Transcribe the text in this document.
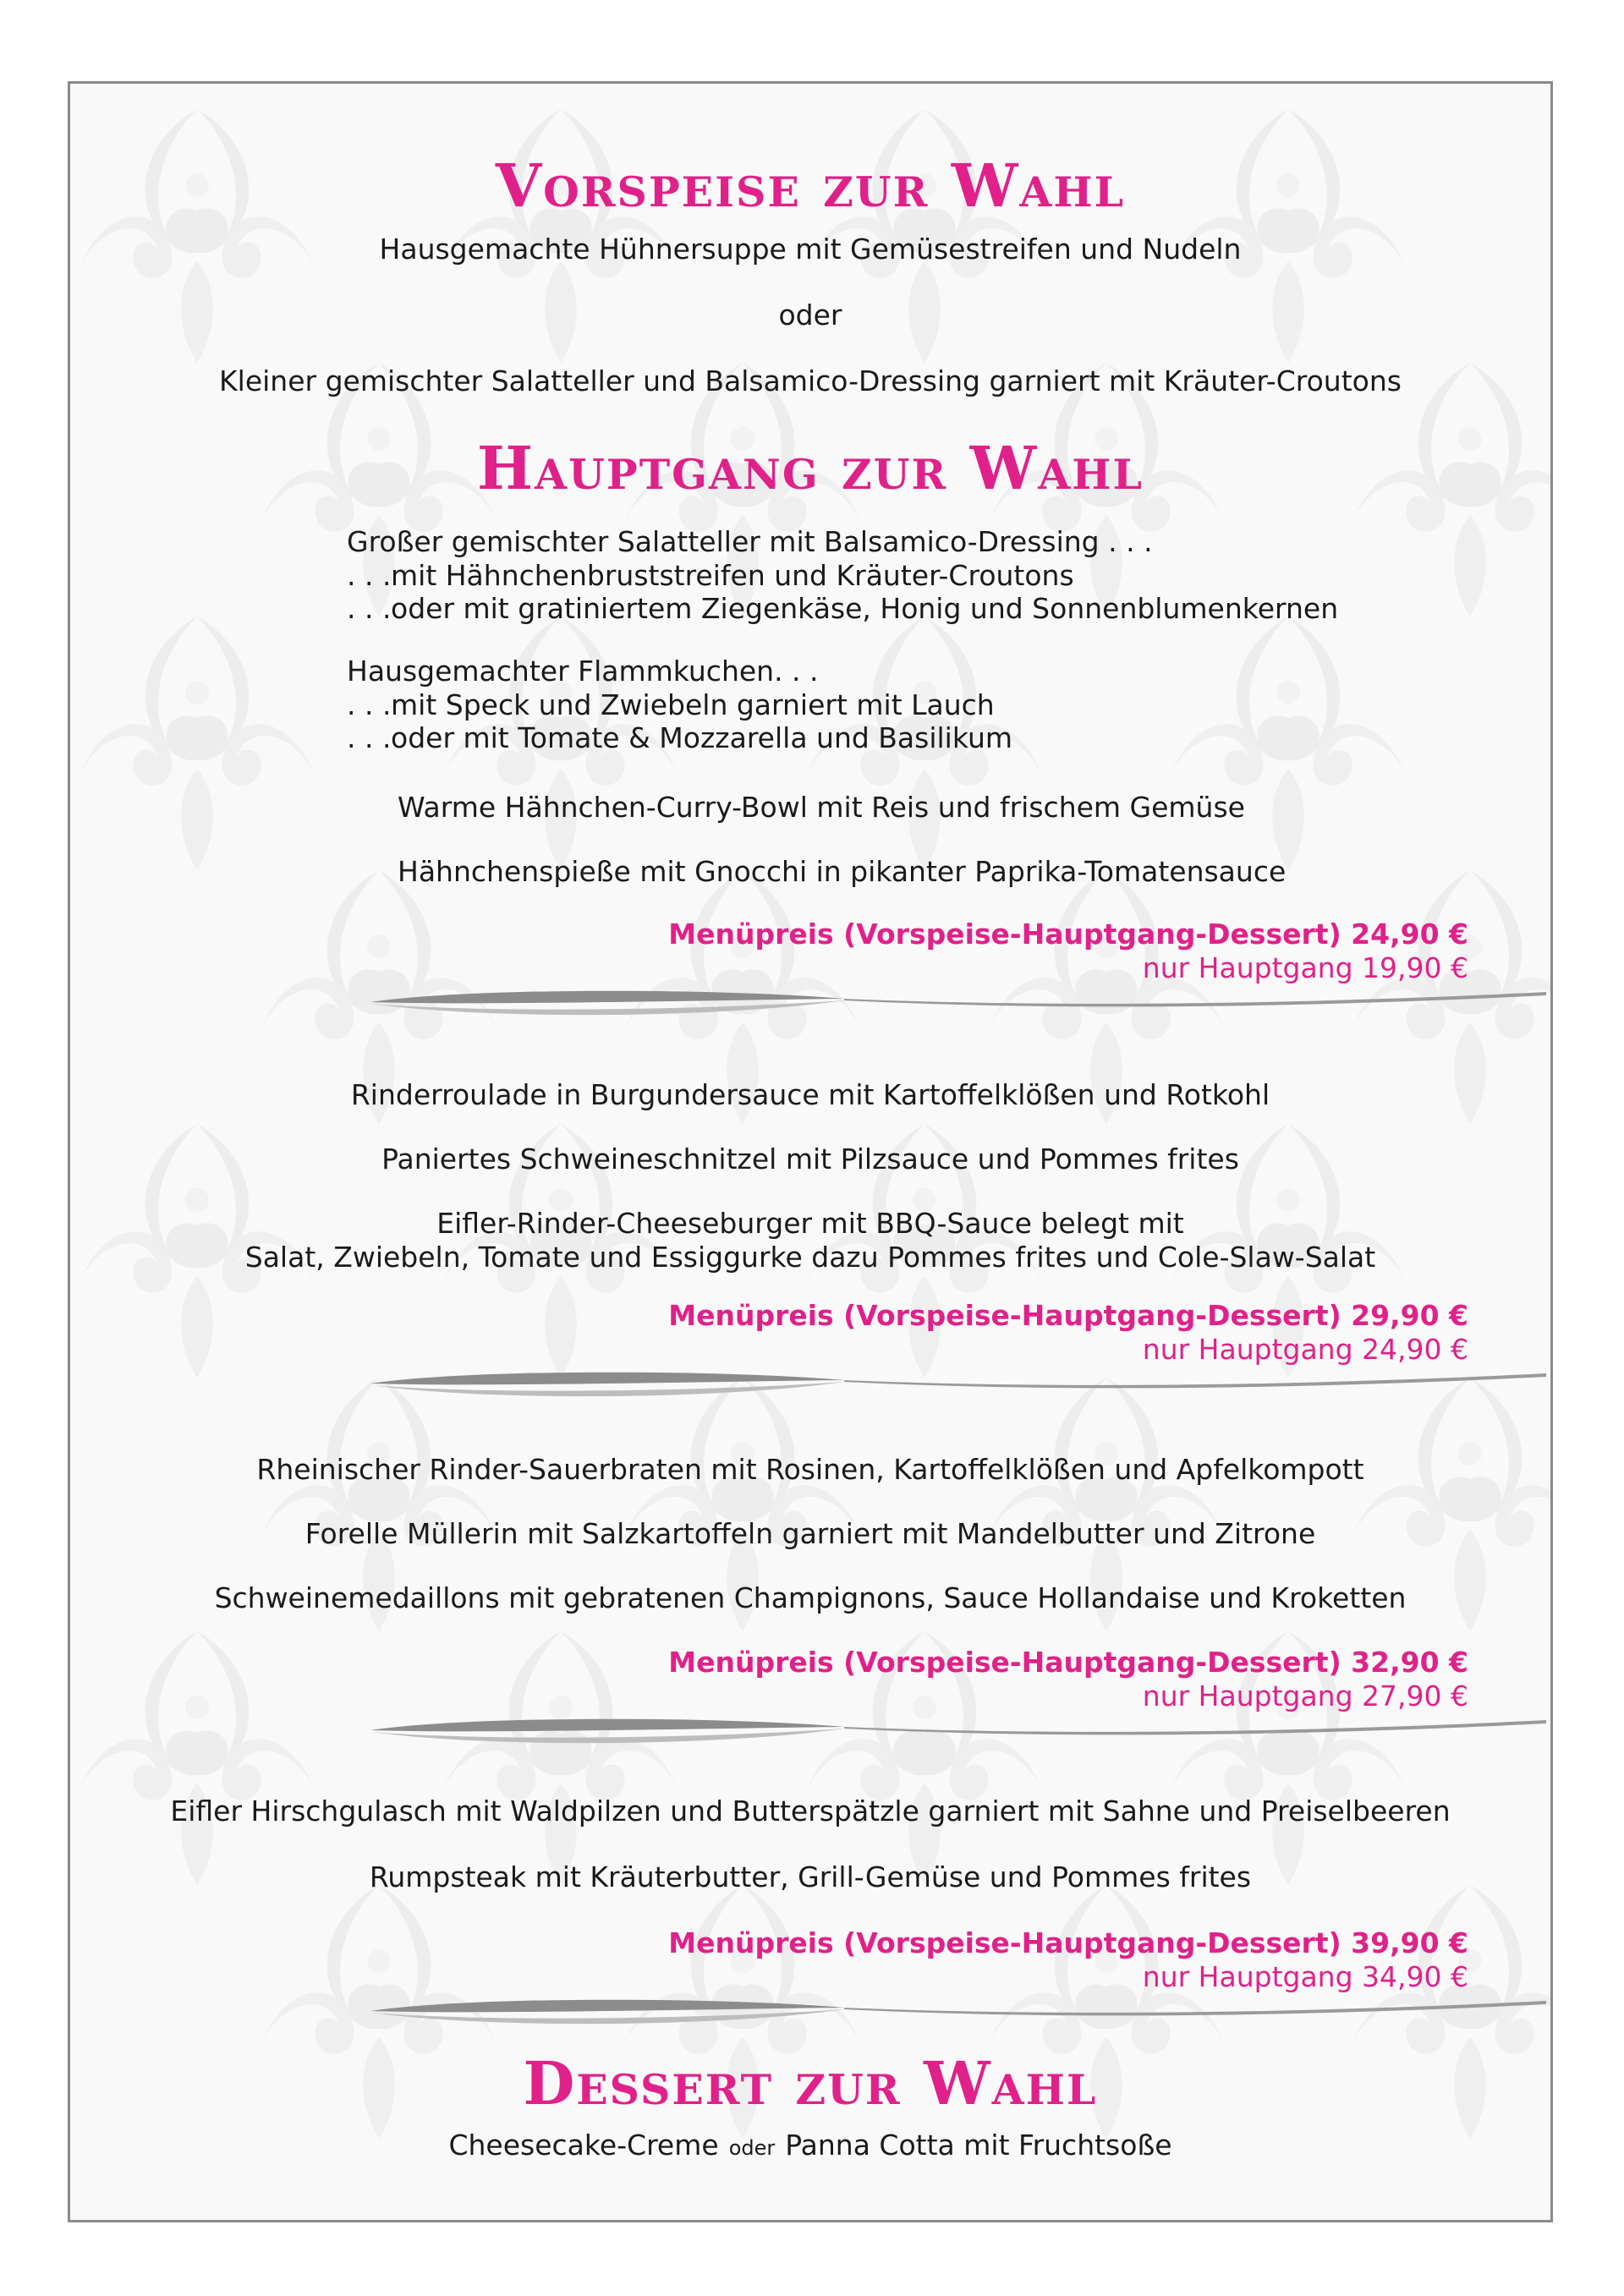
Vorspeise zur Wahl
Hausgemachte Hühnersuppe mit Gemüsestreifen und Nudeln
oder
Kleiner gemischter Salatteller und Balsamico-Dressing garniert mit Kräuter-Croutons
Hauptgang zur Wahl
Großer gemischter Salatteller mit Balsamico-Dressing . . .
. . .mit Hähnchenbruststreifen und Kräuter-Croutons
. . .oder mit gratiniertem Ziegenkäse, Honig und Sonnenblumenkernen
Hausgemachter Flammkuchen. . .
. . .mit Speck und Zwiebeln garniert mit Lauch
. . .oder mit Tomate & Mozzarella und Basilikum
Warme Hähnchen-Curry-Bowl mit Reis und frischem Gemüse
Hähnchenspieße mit Gnocchi in pikanter Paprika-Tomatensauce
Menüpreis (Vorspeise-Hauptgang-Dessert) 24,90 €
nur Hauptgang 19,90 €
Rinderroulade in Burgundersauce mit Kartoffelklößen und Rotkohl
Paniertes Schweineschnitzel mit Pilzsauce und Pommes frites
Eifler-Rinder-Cheeseburger mit BBQ-Sauce belegt mit
Salat, Zwiebeln, Tomate und Essiggurke dazu Pommes frites und Cole-Slaw-Salat
Menüpreis (Vorspeise-Hauptgang-Dessert) 29,90 €
nur Hauptgang 24,90 €
Rheinischer Rinder-Sauerbraten mit Rosinen, Kartoffelklößen und Apfelkompott
Forelle Müllerin mit Salzkartoffeln garniert mit Mandelbutter und Zitrone
Schweinemedaillons mit gebratenen Champignons, Sauce Hollandaise und Kroketten
Menüpreis (Vorspeise-Hauptgang-Dessert) 32,90 €
nur Hauptgang 27,90 €
Eifler Hirschgulasch mit Waldpilzen und Butterspätzle garniert mit Sahne und Preiselbeeren
Rumpsteak mit Kräuterbutter, Grill-Gemüse und Pommes frites
Menüpreis (Vorspeise-Hauptgang-Dessert) 39,90 €
nur Hauptgang 34,90 €
Dessert zur Wahl
Cheesecake-Creme oder Panna Cotta mit Fruchtsoße
